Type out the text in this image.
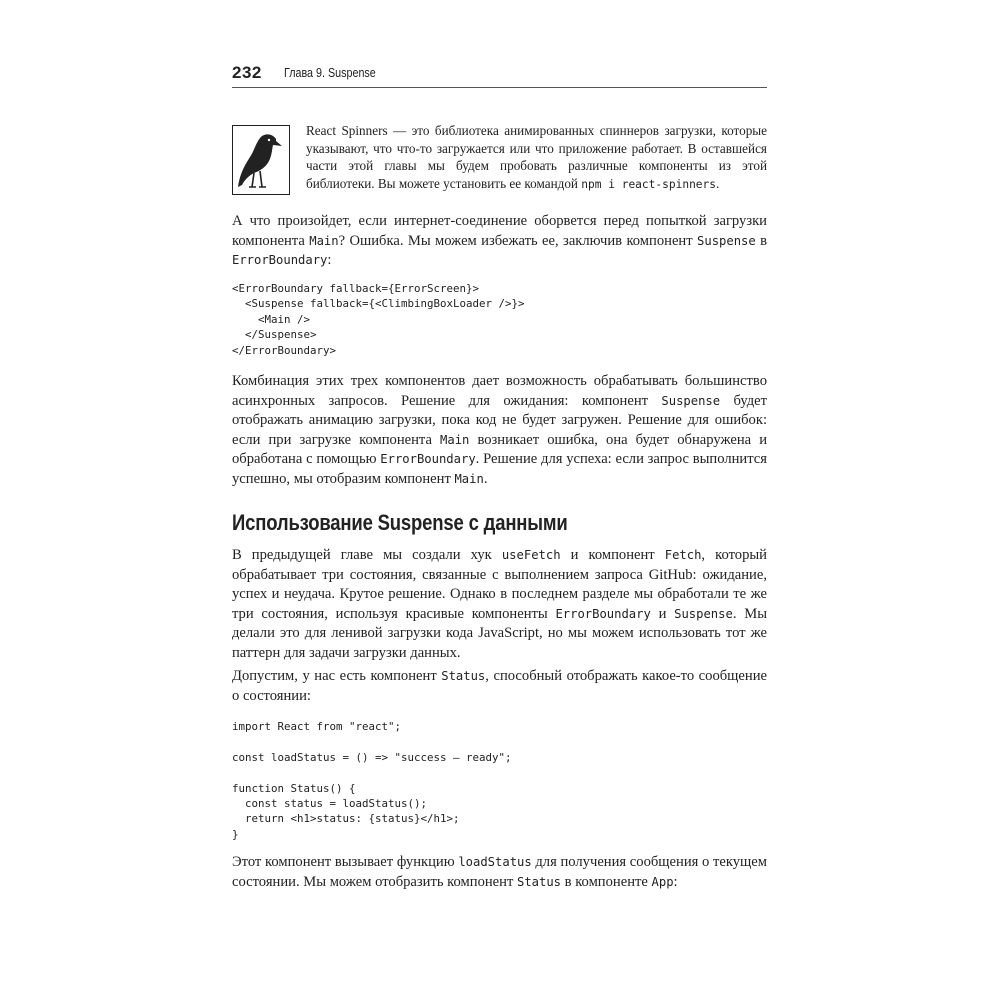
232 Глава 9. Suspense

React Spinners — это библиотека анимированных спиннеров загрузки, которые указывают, что что-то загружается или что приложение работает. В оставшейся части этой главы мы будем пробовать различные компоненты из этой библиотеки. Вы можете установить ее командой npm i react-spinners.

А что произойдет, если интернет-соединение оборвется перед попыткой загрузки компонента Main? Ошибка. Мы можем избежать ее, заключив компонент Suspense в ErrorBoundary:

<ErrorBoundary fallback={ErrorScreen}>
<Suspense fallback={<ClimbingBoxLoader />}>
<Main />
</Suspense>
</ErrorBoundary>

Комбинация этих трех компонентов дает возможность обрабатывать большинство асинхронных запросов. Решение для ожидания: компонент Suspense будет отображать анимацию загрузки, пока код не будет загружен. Решение для ошибок: если при загрузке компонента Main возникает ошибка, она будет обнаружена и обработана с помощью ErrorBoundary. Решение для успеха: если запрос выполнится успешно, мы отобразим компонент Main.

Использование Suspense с данными

В предыдущей главе мы создали хук useFetch и компонент Fetch, который обрабатывает три состояния, связанные с выполнением запроса GitHub: ожидание, успех и неудача. Крутое решение. Однако в последнем разделе мы обработали те же три состояния, используя красивые компоненты ErrorBoundary и Suspense. Мы делали это для ленивой загрузки кода JavaScript, но мы можем использовать тот же паттерн для задачи загрузки данных.

Допустим, у нас есть компонент Status, способный отображать какое-то сообщение о состоянии:

import React from "react";

const loadStatus = () => "success — ready";

function Status() {
const status = loadStatus();
return <h1>status: {status}</h1>;
}

Этот компонент вызывает функцию loadStatus для получения сообщения о текущем состоянии. Мы можем отобразить компонент Status в компоненте App:
